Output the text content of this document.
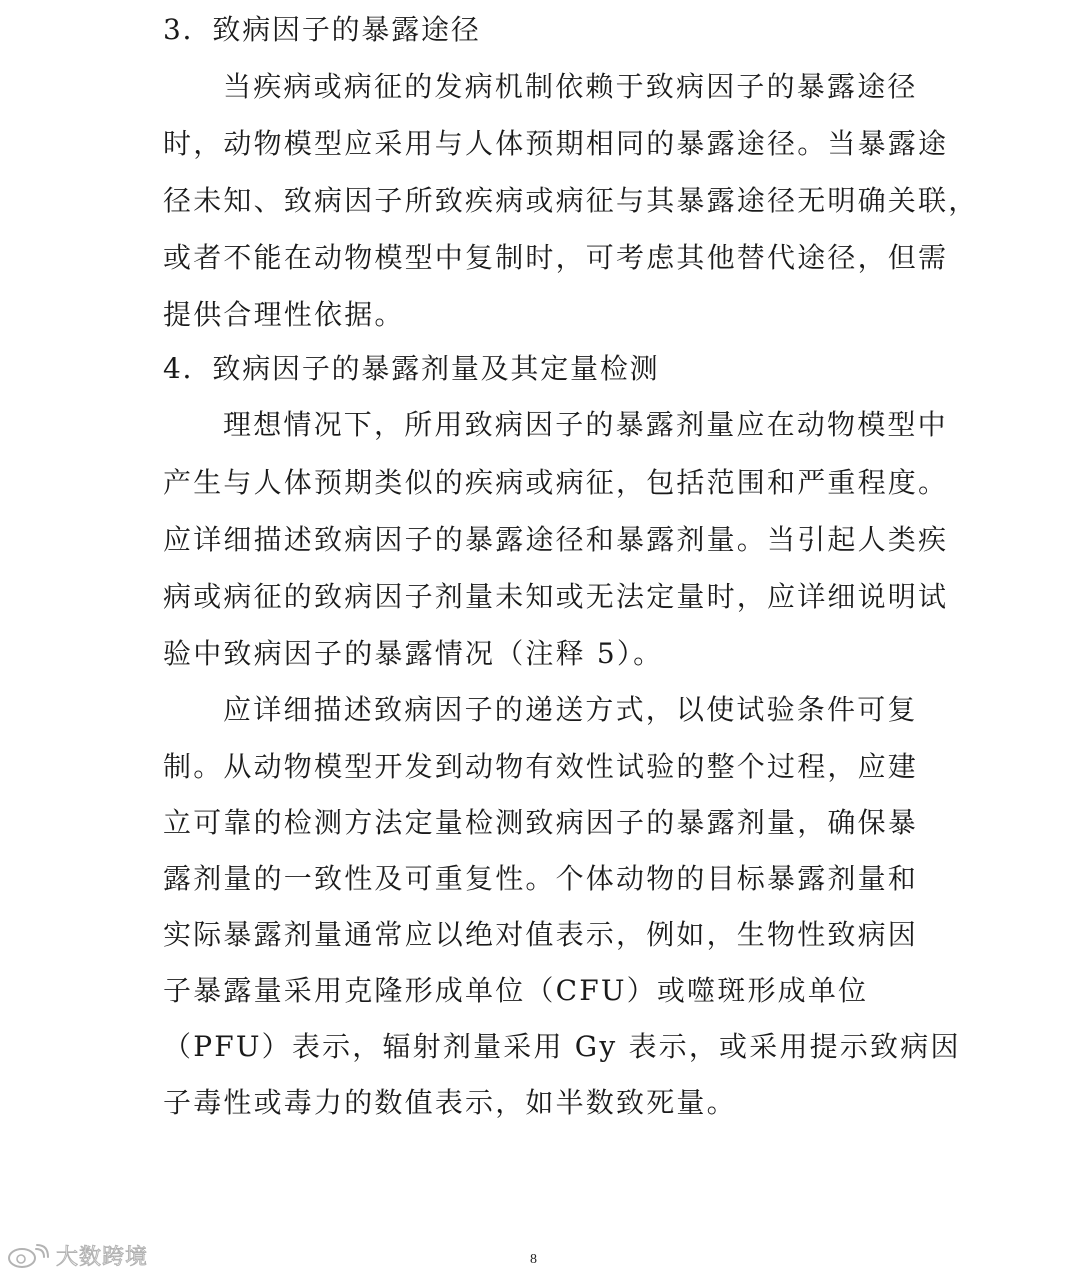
3．致病因子的暴露途径
当疾病或病征的发病机制依赖于致病因子的暴露途径
时，动物模型应采用与人体预期相同的暴露途径。当暴露途
径未知、致病因子所致疾病或病征与其暴露途径无明确关联，
或者不能在动物模型中复制时，可考虑其他替代途径，但需
提供合理性依据。
4．致病因子的暴露剂量及其定量检测
理想情况下，所用致病因子的暴露剂量应在动物模型中
产生与人体预期类似的疾病或病征，包括范围和严重程度。
应详细描述致病因子的暴露途径和暴露剂量。当引起人类疾
病或病征的致病因子剂量未知或无法定量时，应详细说明试
验中致病因子的暴露情况（注释 5）。
应详细描述致病因子的递送方式，以使试验条件可复
制。从动物模型开发到动物有效性试验的整个过程，应建
立可靠的检测方法定量检测致病因子的暴露剂量，确保暴
露剂量的一致性及可重复性。个体动物的目标暴露剂量和
实际暴露剂量通常应以绝对值表示，例如，生物性致病因
子暴露量采用克隆形成单位（CFU）或噬斑形成单位
（PFU）表示，辐射剂量采用 Gy 表示，或采用提示致病因
子毒性或毒力的数值表示，如半数致死量。
8
大数跨境
